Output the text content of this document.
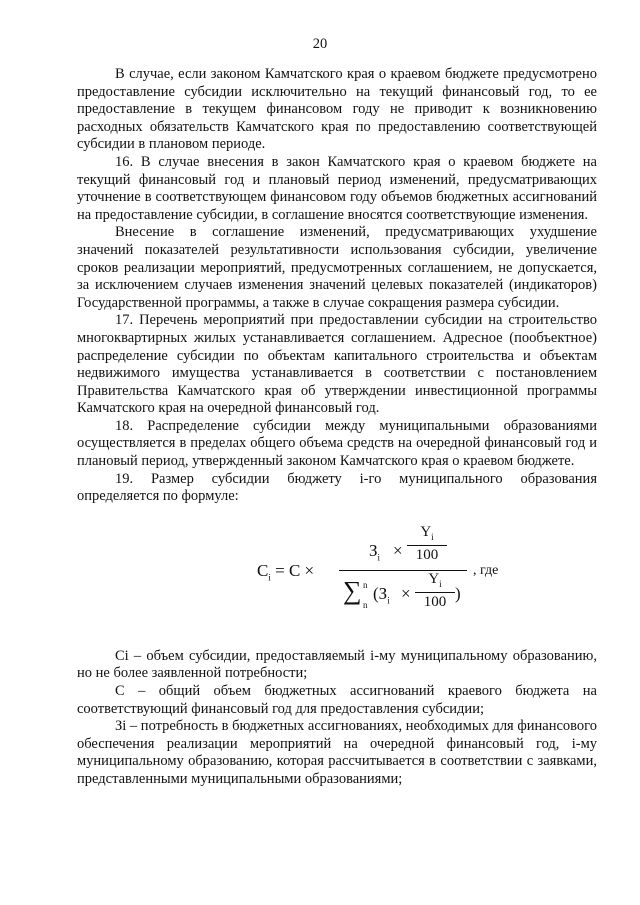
20

В случае, если законом Камчатского края о краевом бюджете предусмотрено предоставление субсидии исключительно на текущий финансовый год, то ее предоставление в текущем финансовом году не приводит к возникновению расходных обязательств Камчатского края по предоставлению соответствующей субсидии в плановом периоде.

16. В случае внесения в закон Камчатского края о краевом бюджете на текущий финансовый год и плановый период изменений, предусматривающих уточнение в соответствующем финансовом году объемов бюджетных ассигнований на предоставление субсидии, в соглашение вносятся соответствующие изменения.

Внесение в соглашение изменений, предусматривающих ухудшение значений показателей результативности использования субсидии, увеличение сроков реализации мероприятий, предусмотренных соглашением, не допускается, за исключением случаев изменения значений целевых показателей (индикаторов) Государственной программы, а также в случае сокращения размера субсидии.

17. Перечень мероприятий при предоставлении субсидии на строительство многоквартирных жилых устанавливается соглашением. Адресное (пообъектное) распределение субсидии по объектам капитального строительства и объектам недвижимого имущества устанавливается в соответствии с постановлением Правительства Камчатского края об утверждении инвестиционной программы Камчатского края на очередной финансовый год.

18. Распределение субсидии между муниципальными образованиями осуществляется в пределах общего объема средств на очередной финансовый год и плановый период, утвержденный законом Камчатского края о краевом бюджете.

19. Размер субсидии бюджету i-го муниципального образования определяется по формуле:

$C_i = C$ ×
$З_i \times \frac{Y_i}{100}$
∑ n
n
($З_i \times \frac{Y_i}{100}$ )
, где

Ci – объем субсидии, предоставляемый i-му муниципальному образованию, но не более заявленной потребности;

С – общий объем бюджетных ассигнований краевого бюджета на соответствующий финансовый год для предоставления субсидии;

Зi – потребность в бюджетных ассигнованиях, необходимых для финансового обеспечения реализации мероприятий на очередной финансовый год, i-му муниципальному образованию, которая рассчитывается в соответствии с заявками, представленными муниципальными образованиями;
